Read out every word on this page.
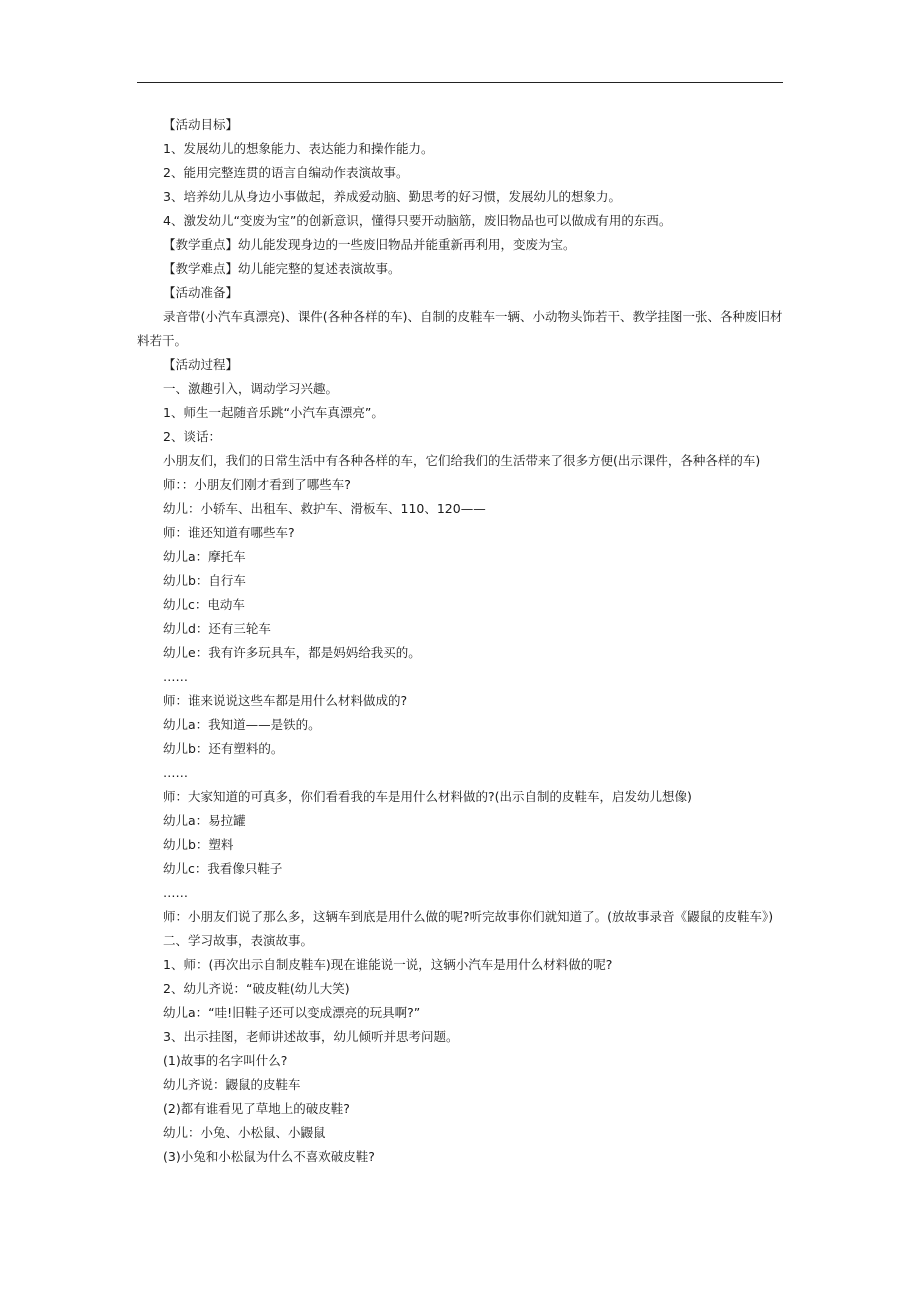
【活动目标】
1、发展幼儿的想象能力、表达能力和操作能力。
2、能用完整连贯的语言自编动作表演故事。
3、培养幼儿从身边小事做起，养成爱动脑、勤思考的好习惯，发展幼儿的想象力。
4、激发幼儿“变废为宝”的创新意识，懂得只要开动脑筋，废旧物品也可以做成有用的东西。
【教学重点】幼儿能发现身边的一些废旧物品并能重新再利用，变废为宝。
【教学难点】幼儿能完整的复述表演故事。
【活动准备】
录音带(小汽车真漂亮)、课件(各种各样的车)、自制的皮鞋车一辆、小动物头饰若干、教学挂图一张、各种废旧材
料若干。
【活动过程】
一、激趣引入，调动学习兴趣。
1、师生一起随音乐跳“小汽车真漂亮”。
2、谈话：
小朋友们，我们的日常生活中有各种各样的车，它们给我们的生活带来了很多方便(出示课件，各种各样的车)
师：：小朋友们刚才看到了哪些车?
幼儿：小轿车、出租车、救护车、滑板车、110、120——
师：谁还知道有哪些车?
幼儿a：摩托车
幼儿b：自行车
幼儿c：电动车
幼儿d：还有三轮车
幼儿e：我有许多玩具车，都是妈妈给我买的。
……
师：谁来说说这些车都是用什么材料做成的?
幼儿a：我知道——是铁的。
幼儿b：还有塑料的。
……
师：大家知道的可真多，你们看看我的车是用什么材料做的?(出示自制的皮鞋车，启发幼儿想像)
幼儿a：易拉罐
幼儿b：塑料
幼儿c：我看像只鞋子
……
师：小朋友们说了那么多，这辆车到底是用什么做的呢?听完故事你们就知道了。(放故事录音《鼹鼠的皮鞋车》)
二、学习故事，表演故事。
1、师：(再次出示自制皮鞋车)现在谁能说一说，这辆小汽车是用什么材料做的呢?
2、幼儿齐说：“破皮鞋(幼儿大笑)
幼儿a：“哇!旧鞋子还可以变成漂亮的玩具啊?”
3、出示挂图，老师讲述故事，幼儿倾听并思考问题。
(1)故事的名字叫什么?
幼儿齐说：鼹鼠的皮鞋车
(2)都有谁看见了草地上的破皮鞋?
幼儿：小兔、小松鼠、小鼹鼠
(3)小兔和小松鼠为什么不喜欢破皮鞋?
